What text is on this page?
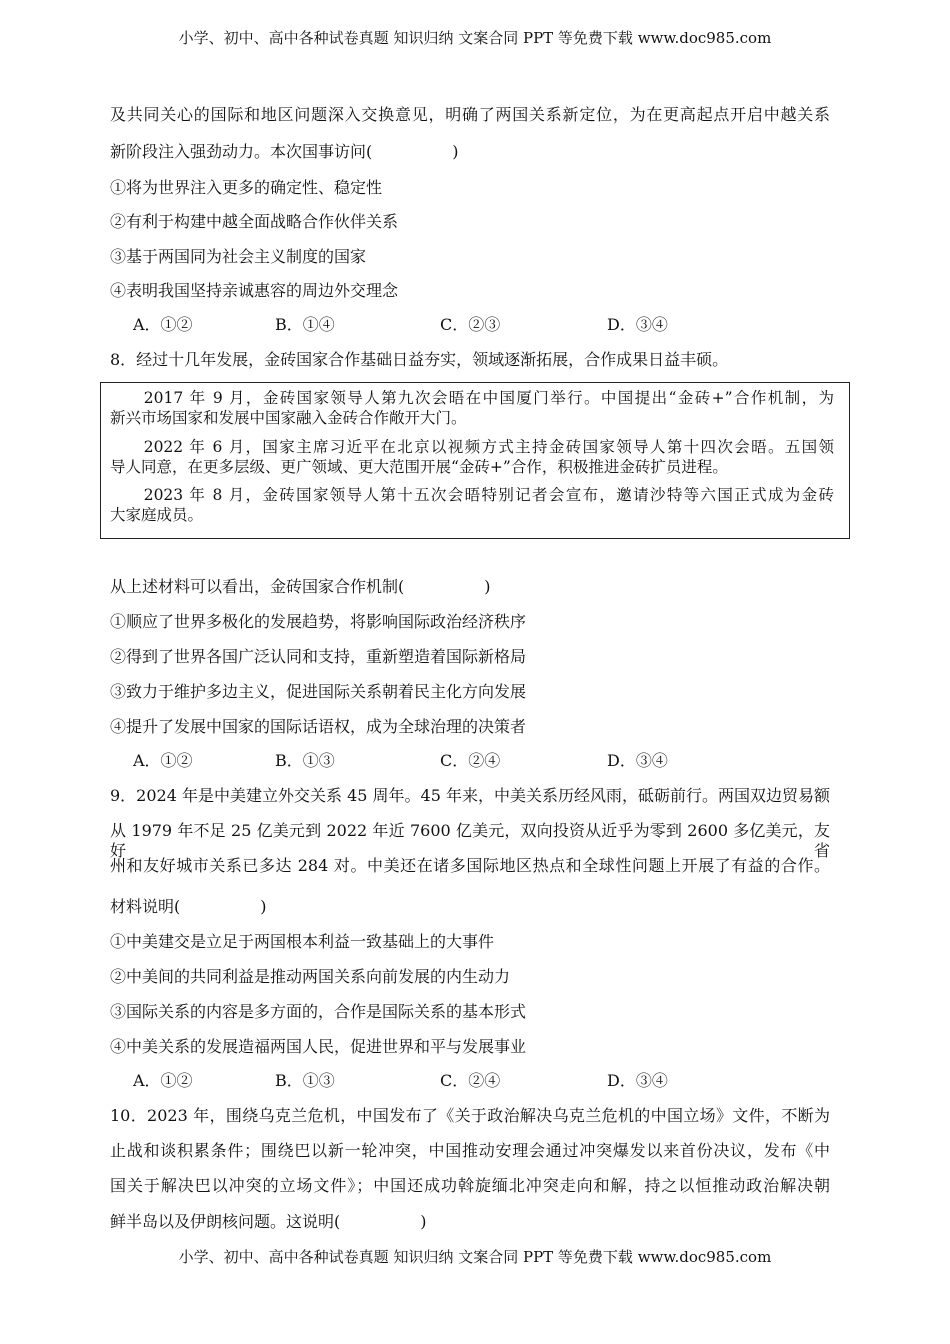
小学、初中、高中各种试卷真题 知识归纳 文案合同 PPT 等免费下载 www.doc985.com
及共同关心的国际和地区问题深入交换意见，明确了两国关系新定位，为在更高起点开启中越关系
新阶段注入强劲动力。本次国事访问(　　　　　)
①将为世界注入更多的确定性、稳定性
②有利于构建中越全面战略合作伙伴关系
③基于两国同为社会主义制度的国家
④表明我国坚持亲诚惠容的周边外交理念
A．①②	B．①④	C．②③	D．③④
8．经过十几年发展，金砖国家合作基础日益夯实，领域逐渐拓展，合作成果日益丰硕。
　　2017 年 9 月，金砖国家领导人第九次会晤在中国厦门举行。中国提出“金砖+”合作机制，为
新兴市场国家和发展中国家融入金砖合作敞开大门。
　　2022 年 6 月，国家主席习近平在北京以视频方式主持金砖国家领导人第十四次会晤。五国领
导人同意，在更多层级、更广领域、更大范围开展“金砖+”合作，积极推进金砖扩员进程。
　　2023 年 8 月，金砖国家领导人第十五次会晤特别记者会宣布，邀请沙特等六国正式成为金砖
大家庭成员。
从上述材料可以看出，金砖国家合作机制(　　　　　)
①顺应了世界多极化的发展趋势，将影响国际政治经济秩序
②得到了世界各国广泛认同和支持，重新塑造着国际新格局
③致力于维护多边主义，促进国际关系朝着民主化方向发展
④提升了发展中国家的国际话语权，成为全球治理的决策者
A．①②	B．①③	C．②④	D．③④
9．2024 年是中美建立外交关系 45 周年。45 年来，中美关系历经风雨，砥砺前行。两国双边贸易额
从 1979 年不足 25 亿美元到 2022 年近 7600 亿美元，双向投资从近乎为零到 2600 多亿美元，友好省
州和友好城市关系已多达 284 对。中美还在诸多国际地区热点和全球性问题上开展了有益的合作。
材料说明(　　　　　)
①中美建交是立足于两国根本利益一致基础上的大事件
②中美间的共同利益是推动两国关系向前发展的内生动力
③国际关系的内容是多方面的，合作是国际关系的基本形式
④中美关系的发展造福两国人民，促进世界和平与发展事业
A．①②	B．①③	C．②④	D．③④
10．2023 年，围绕乌克兰危机，中国发布了《关于政治解决乌克兰危机的中国立场》文件，不断为
止战和谈积累条件；围绕巴以新一轮冲突，中国推动安理会通过冲突爆发以来首份决议，发布《中
国关于解决巴以冲突的立场文件》；中国还成功斡旋缅北冲突走向和解，持之以恒推动政治解决朝
鲜半岛以及伊朗核问题。这说明(　　　　　)
小学、初中、高中各种试卷真题 知识归纳 文案合同 PPT 等免费下载 www.doc985.com
